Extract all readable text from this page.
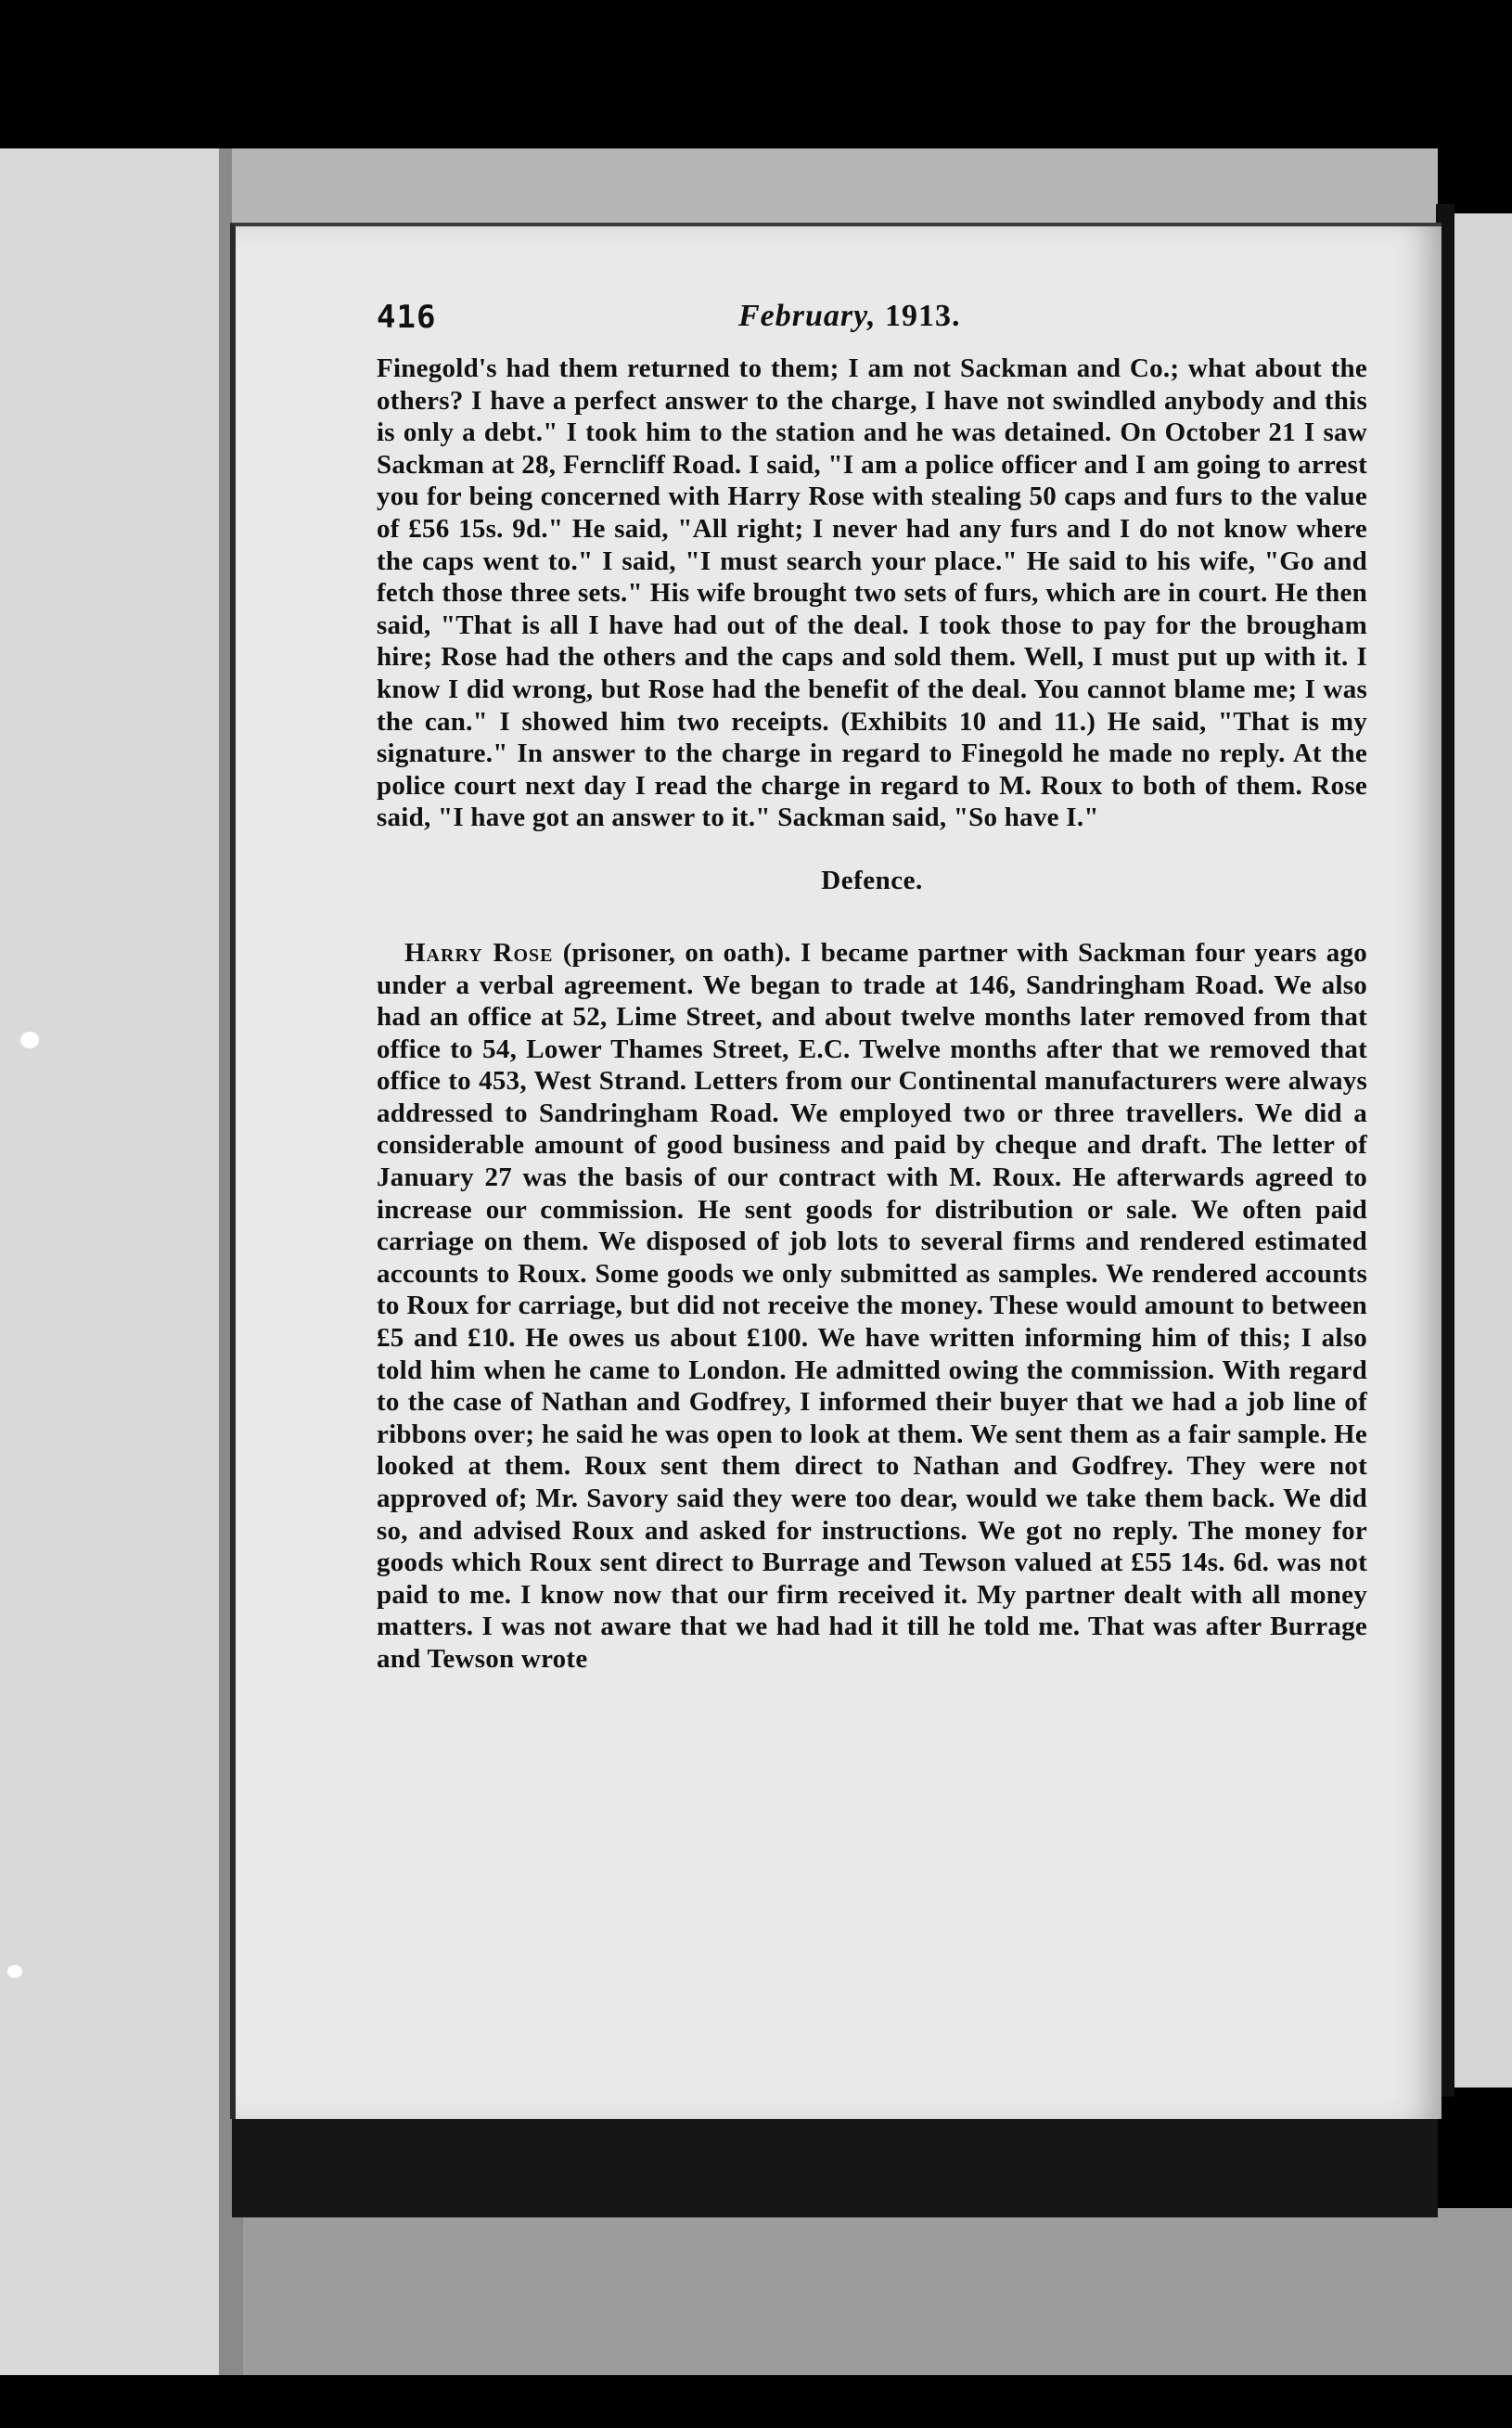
416	February, 1913.

Finegold's had them returned to them; I am not Sackman and Co.; what about the others? I have a perfect answer to the charge, I have not swindled anybody and this is only a debt." I took him to the station and he was detained. On October 21 I saw Sackman at 28, Ferncliff Road. I said, "I am a police officer and I am going to arrest you for being concerned with Harry Rose with stealing 50 caps and furs to the value of £56 15s. 9d." He said, "All right; I never had any furs and I do not know where the caps went to." I said, "I must search your place." He said to his wife, "Go and fetch those three sets." His wife brought two sets of furs, which are in court. He then said, "That is all I have had out of the deal. I took those to pay for the brougham hire; Rose had the others and the caps and sold them. Well, I must put up with it. I know I did wrong, but Rose had the benefit of the deal. You cannot blame me; I was the can." I showed him two receipts. (Exhibits 10 and 11.) He said, "That is my signature." In answer to the charge in regard to Finegold he made no reply. At the police court next day I read the charge in regard to M. Roux to both of them. Rose said, "I have got an answer to it." Sackman said, "So have I."

Defence.

Harry Rose (prisoner, on oath). I became partner with Sackman four years ago under a verbal agreement. We began to trade at 146, Sandringham Road. We also had an office at 52, Lime Street, and about twelve months later removed from that office to 54, Lower Thames Street, E.C. Twelve months after that we removed that office to 453, West Strand. Letters from our Continental manufacturers were always addressed to Sandringham Road. We employed two or three travellers. We did a considerable amount of good business and paid by cheque and draft. The letter of January 27 was the basis of our contract with M. Roux. He afterwards agreed to increase our commission. He sent goods for distribution or sale. We often paid carriage on them. We disposed of job lots to several firms and rendered estimated accounts to Roux. Some goods we only submitted as samples. We rendered accounts to Roux for carriage, but did not receive the money. These would amount to between £5 and £10. He owes us about £100. We have written informing him of this; I also told him when he came to London. He admitted owing the commission. With regard to the case of Nathan and Godfrey, I informed their buyer that we had a job line of ribbons over; he said he was open to look at them. We sent them as a fair sample. He looked at them. Roux sent them direct to Nathan and Godfrey. They were not approved of; Mr. Savory said they were too dear, would we take them back. We did so, and advised Roux and asked for instructions. We got no reply. The money for goods which Roux sent direct to Burrage and Tewson valued at £55 14s. 6d. was not paid to me. I know now that our firm received it. My partner dealt with all money matters. I was not aware that we had had it till he told me. That was after Burrage and Tewson wrote
